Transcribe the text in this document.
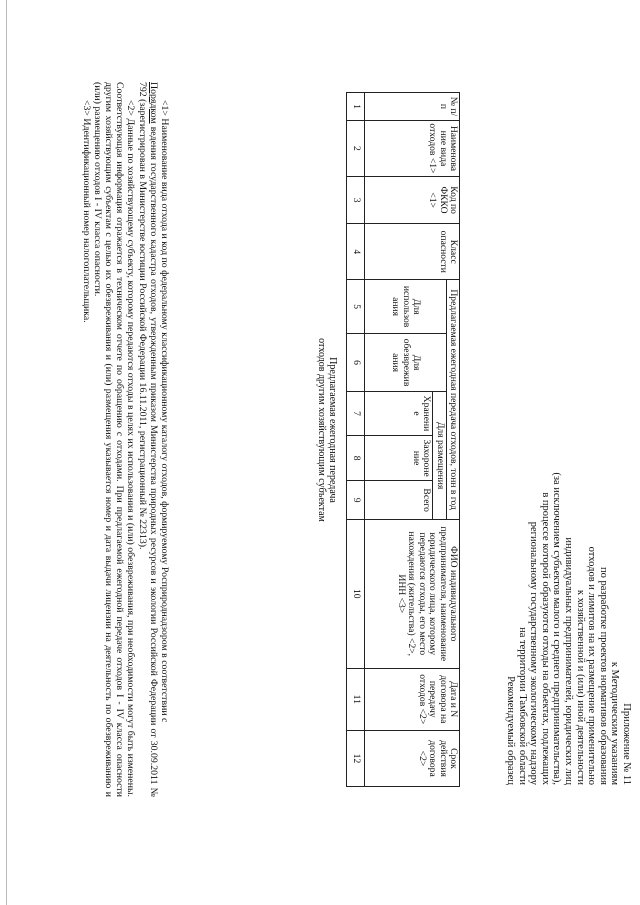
Приложение № 11
к Методическим указаниям
по разработке проектов нормативов образования
отходов и лимитов на их размещение применительно
к хозяйственной и (или) иной деятельности
индивидуальных предпринимателей, юридических лиц
(за исключением субъектов малого и среднего предпринимательства),
в процессе которой образуются отходы на объектах, подлежащих
региональному государственному экологическому надзору
на территории Тамбовской области
Рекомендуемый образец
№ п/п	Наименова ние вида отходов <1>	Код по ФККО <1>	Класс опасности	Предлагаемая ежегодная передача отходов, тонн в год					ФИО индивидуального предпринимателя, наименование юридического лица, которому передаются отходы, его место нахождения (жительства) <2>, ИНН <3>	Дата и N договора на передачу отходов <2>	Срок действия договора <2>
				Для использов ания	Для обезврежив ания	Для размещения					
						Хранени е	Захороне ние	Всего			
1	2	3	4	5	6	7	8	9	10	11	12
Предлагаемая ежегодная передача
отходов другим хозяйствующим субъектам

<1> Наименование вида отхода и код по федеральному классификационному каталогу отходов, формируемому Росприроднадзором в соответствии с
Порядком ведения государственного кадастра отходов, утвержденным приказом Министерства природных ресурсов и экологии Российской Федерации от 30.09.2011 № 792 (зарегистрирован в Министерстве юстиции Российской Федерации 16.11.2011, регистрационный № 22313).

<2> Данные по хозяйствующему субъекту, которому передаются отходы в целях их использования и (или) обезвреживания, при необходимости могут быть изменены. Соответствующая информация отражается в техническом отчете по обращению с отходами. При предлагаемой ежегодной передаче отходов I - IV класса опасности другим хозяйствующим субъектам с целью их обезвреживания и (или) размещения указывается номер и дата выдачи лицензии на деятельность по обезвреживанию и (или) размещению отходов I - IV класса опасности.

<3> Идентификационный номер налогоплательщика.
